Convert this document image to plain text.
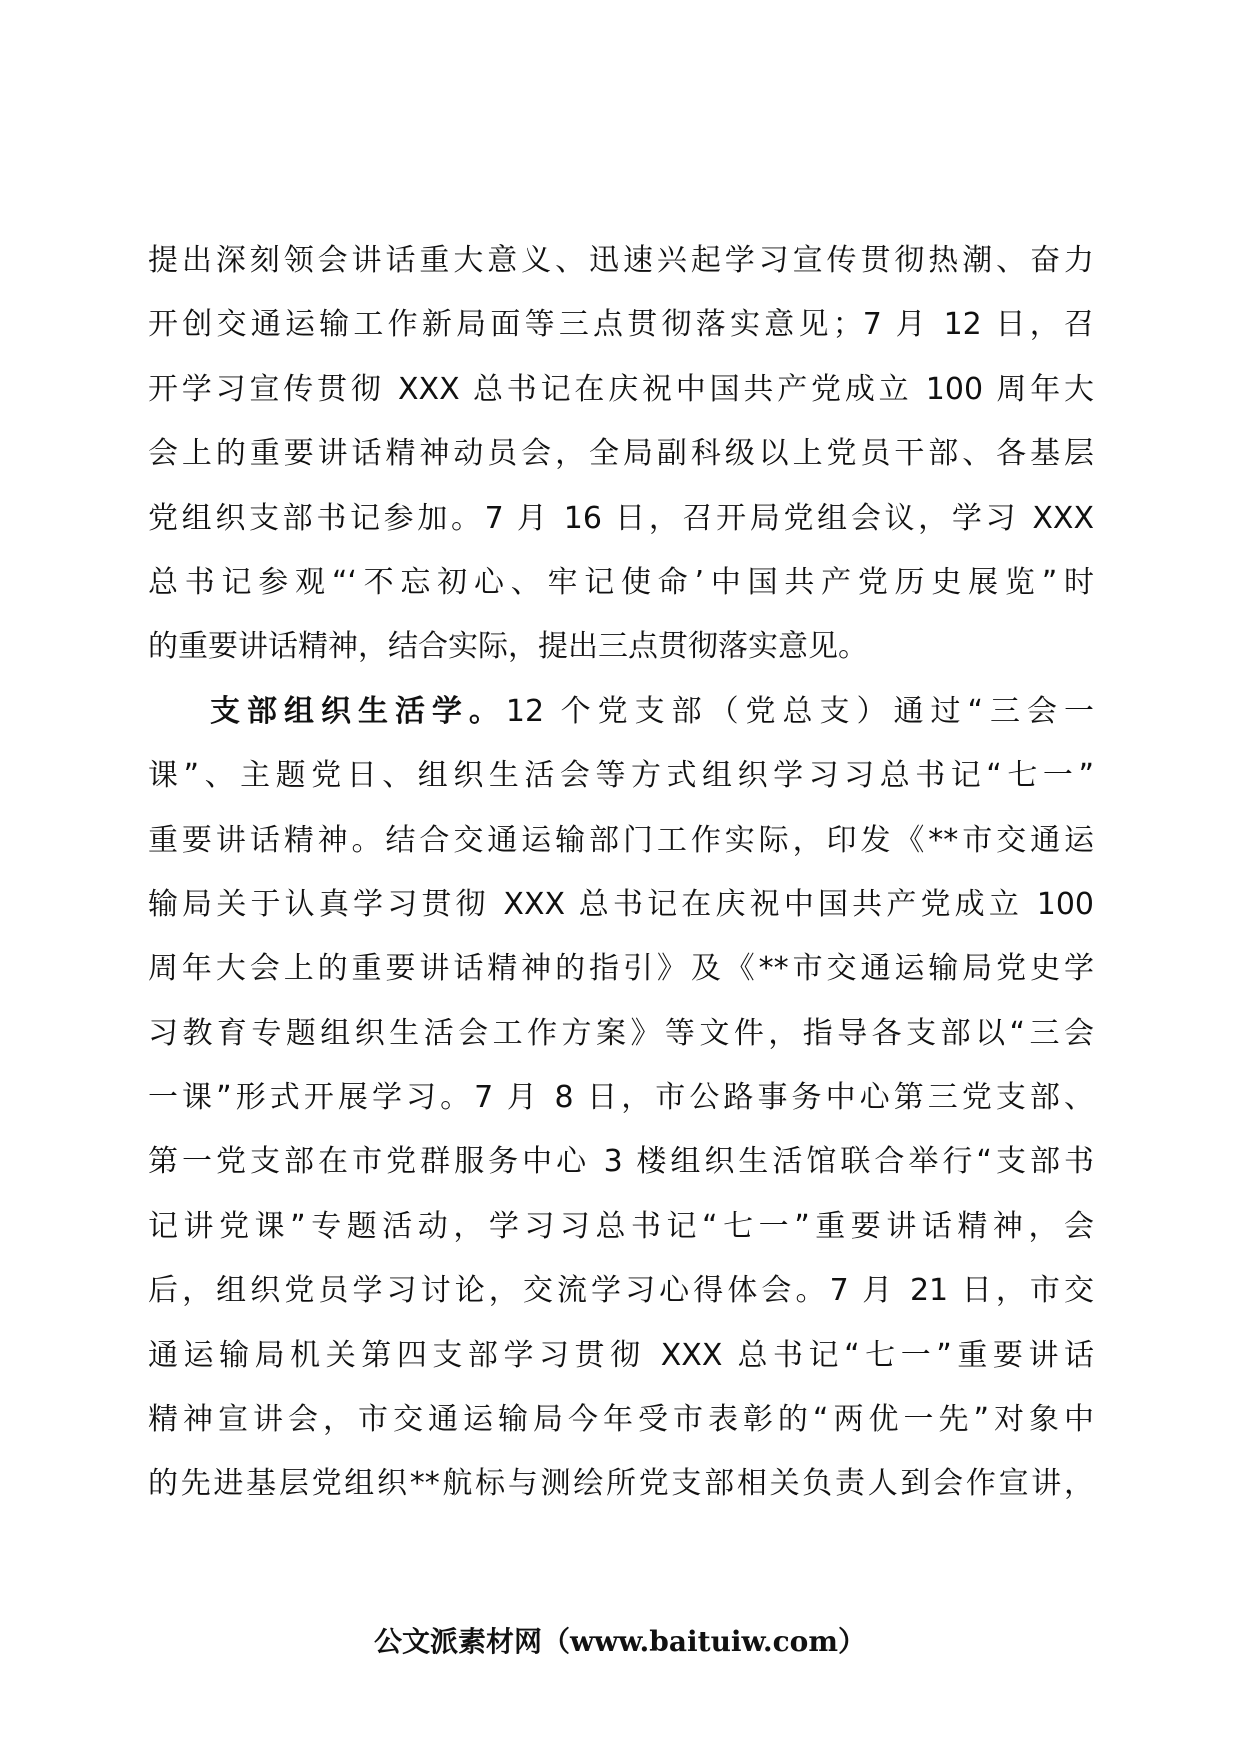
提出深刻领会讲话重大意义、迅速兴起学习宣传贯彻热潮、奋力
开创交通运输工作新局面等三点贯彻落实意见；7 月 12 日，召
开学习宣传贯彻 XXX 总书记在庆祝中国共产党成立 100 周年大
会上的重要讲话精神动员会，全局副科级以上党员干部、各基层
党组织支部书记参加。7 月 16 日，召开局党组会议，学习 XXX
总书记参观“‘不忘初心、牢记使命’中国共产党历史展览”时
的重要讲话精神，结合实际，提出三点贯彻落实意见。
支部组织生活学。12 个党支部（党总支）通过“三会一
课”、主题党日、组织生活会等方式组织学习习总书记“七一”
重要讲话精神。结合交通运输部门工作实际，印发《**市交通运
输局关于认真学习贯彻 XXX 总书记在庆祝中国共产党成立 100
周年大会上的重要讲话精神的指引》及《**市交通运输局党史学
习教育专题组织生活会工作方案》等文件，指导各支部以“三会
一课”形式开展学习。7 月 8 日，市公路事务中心第三党支部、
第一党支部在市党群服务中心 3 楼组织生活馆联合举行“支部书
记讲党课”专题活动，学习习总书记“七一”重要讲话精神，会
后，组织党员学习讨论，交流学习心得体会。7 月 21 日，市交
通运输局机关第四支部学习贯彻 XXX 总书记“七一”重要讲话
精神宣讲会，市交通运输局今年受市表彰的“两优一先”对象中
的先进基层党组织**航标与测绘所党支部相关负责人到会作宣讲，
公文派素材网（www.baituiw.com）
